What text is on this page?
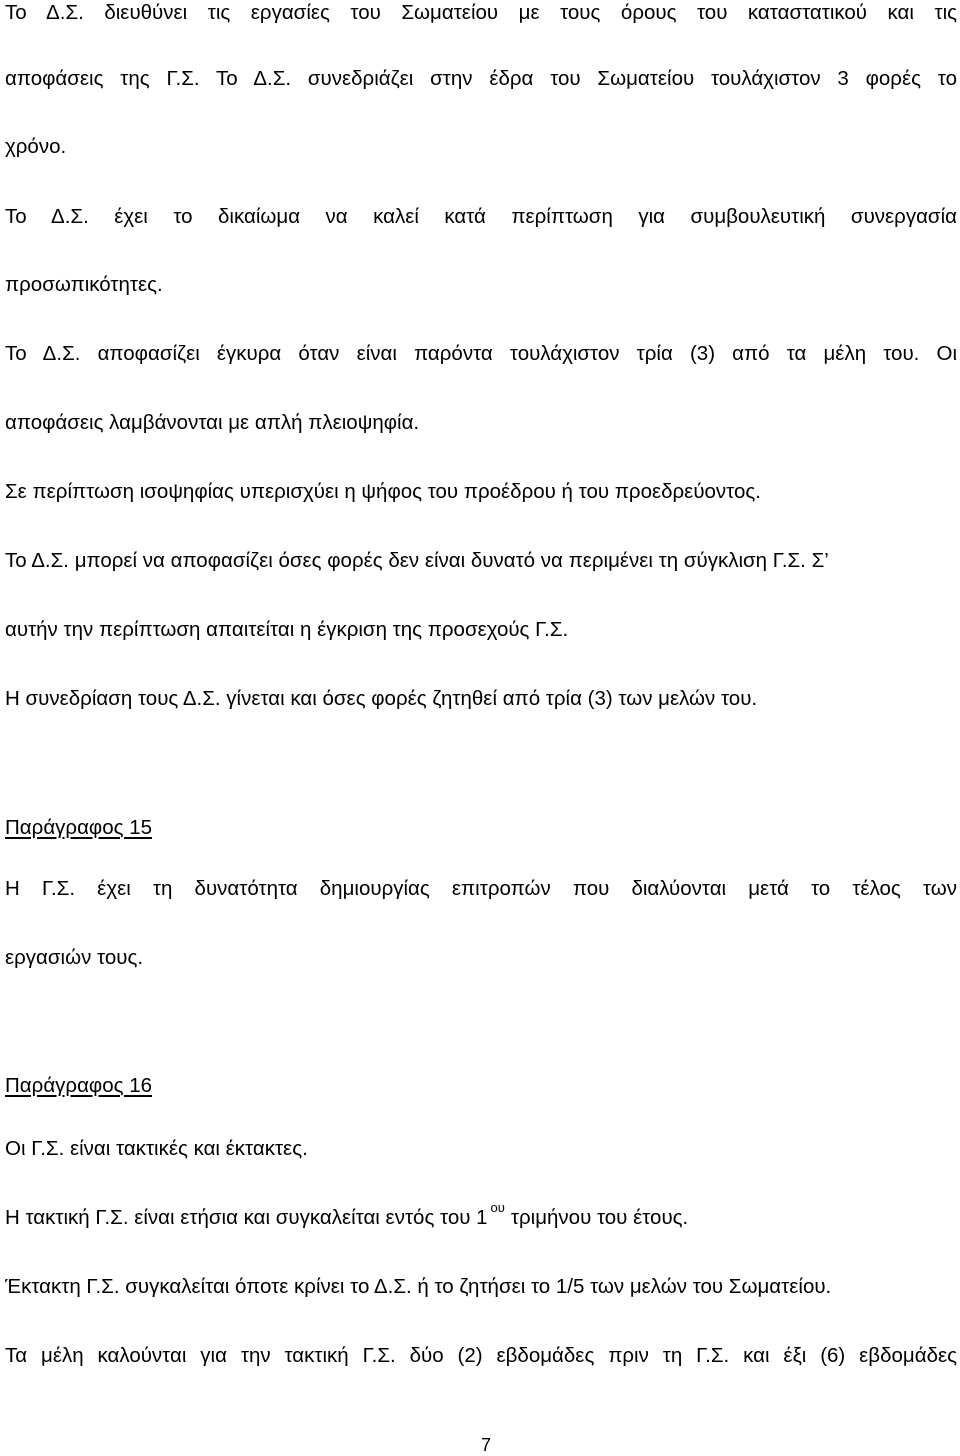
Το Δ.Σ. διευθύνει τις εργασίες του Σωματείου με τους όρους του καταστατικού και τις
αποφάσεις της Γ.Σ. Το Δ.Σ. συνεδριάζει στην έδρα του Σωματείου τουλάχιστον 3 φορές το
χρόνο.
Το Δ.Σ. έχει το δικαίωμα να καλεί κατά περίπτωση για συμβουλευτική συνεργασία
προσωπικότητες.
Το Δ.Σ. αποφασίζει έγκυρα όταν είναι παρόντα τουλάχιστον τρία (3) από τα μέλη του. Οι
αποφάσεις λαμβάνονται με απλή πλειοψηφία.
Σε περίπτωση ισοψηφίας υπερισχύει η ψήφος του προέδρου ή του προεδρεύοντος.
Το Δ.Σ. μπορεί να αποφασίζει όσες φορές δεν είναι δυνατό να περιμένει τη σύγκλιση Γ.Σ. Σ’
αυτήν την περίπτωση απαιτείται η έγκριση της προσεχούς Γ.Σ.
Η συνεδρίαση τους Δ.Σ. γίνεται και όσες φορές ζητηθεί από τρία (3) των μελών του.
Παράγραφος 15
Η Γ.Σ. έχει τη δυνατότητα δημιουργίας επιτροπών που διαλύονται μετά το τέλος των
εργασιών τους.
Παράγραφος 16
Οι Γ.Σ. είναι τακτικές και έκτακτες.
Η τακτική Γ.Σ. είναι ετήσια και συγκαλείται εντός του 1 $^{o\upsilon}$ τριμήνου του έτους.
Έκτακτη Γ.Σ. συγκαλείται όποτε κρίνει το Δ.Σ. ή το ζητήσει το 1/5 των μελών του Σωματείου.
Τα μέλη καλούνται για την τακτική Γ.Σ. δύο (2) εβδομάδες πριν τη Γ.Σ. και έξι (6) εβδομάδες
7
